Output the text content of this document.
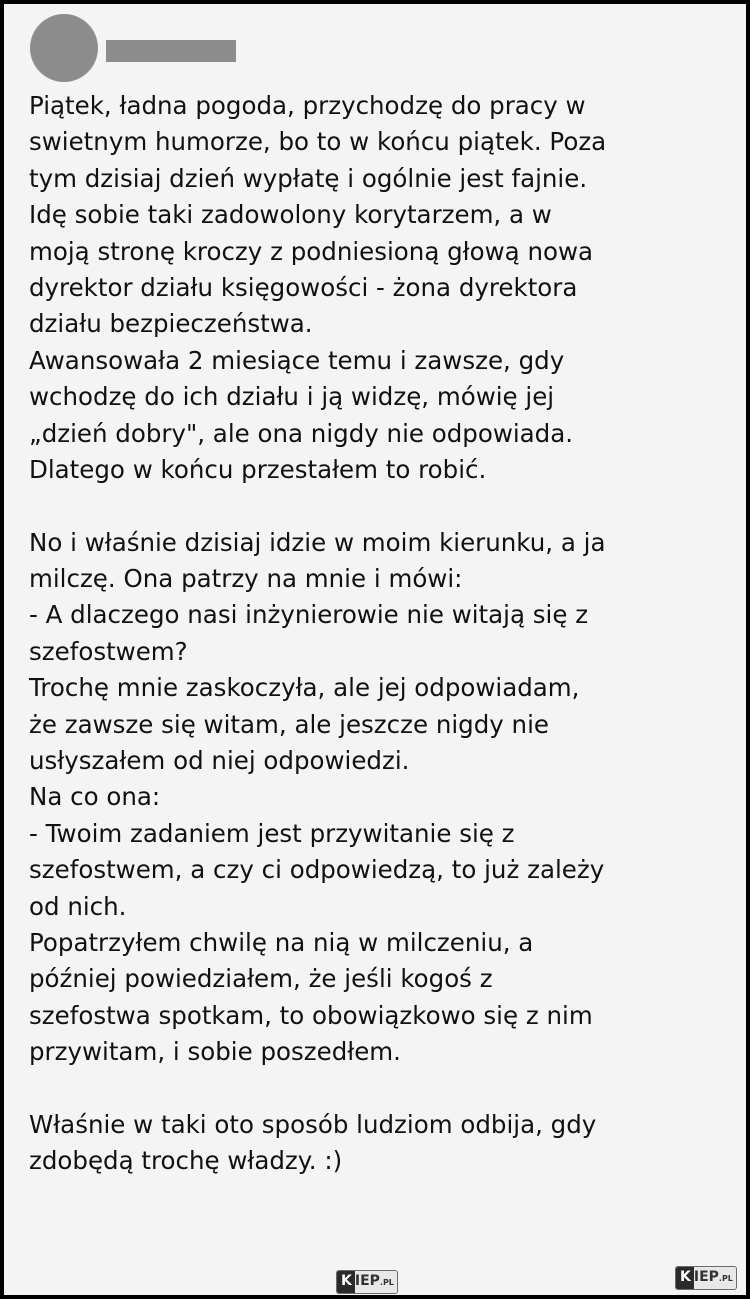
Piątek, ładna pogoda, przychodzę do pracy w
swietnym humorze, bo to w końcu piątek. Poza
tym dzisiaj dzień wypłatę i ogólnie jest fajnie.
Idę sobie taki zadowolony korytarzem, a w
moją stronę kroczy z podniesioną głową nowa
dyrektor działu księgowości - żona dyrektora
działu bezpieczeństwa.
Awansowała 2 miesiące temu i zawsze, gdy
wchodzę do ich działu i ją widzę, mówię jej
„dzień dobry", ale ona nigdy nie odpowiada.
Dlatego w końcu przestałem to robić.
No i właśnie dzisiaj idzie w moim kierunku, a ja
milczę. Ona patrzy na mnie i mówi:
- A dlaczego nasi inżynierowie nie witają się z
szefostwem?
Trochę mnie zaskoczyła, ale jej odpowiadam,
że zawsze się witam, ale jeszcze nigdy nie
usłyszałem od niej odpowiedzi.
Na co ona:
- Twoim zadaniem jest przywitanie się z
szefostwem, a czy ci odpowiedzą, to już zależy
od nich.
Popatrzyłem chwilę na nią w milczeniu, a
później powiedziałem, że jeśli kogoś z
szefostwa spotkam, to obowiązkowo się z nim
przywitam, i sobie poszedłem.
Właśnie w taki oto sposób ludziom odbija, gdy
zdobędą trochę władzy. :)
K IEP.PL	K IEP.PL
